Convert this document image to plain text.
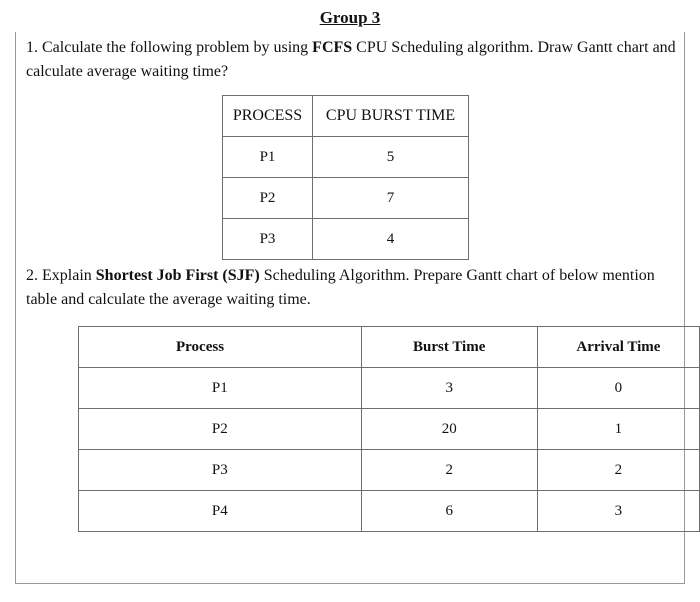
Group 3
1. Calculate the following problem by using FCFS CPU Scheduling algorithm. Draw Gantt chart and calculate average waiting time?
PROCESS	CPU BURST TIME
P1	5
P2	7
P3	4
2. Explain Shortest Job First (SJF) Scheduling Algorithm. Prepare Gantt chart of below mention table and calculate the average waiting time.
Process	Burst Time	Arrival Time
P1	3	0
P2	20	1
P3	2	2
P4	6	3
